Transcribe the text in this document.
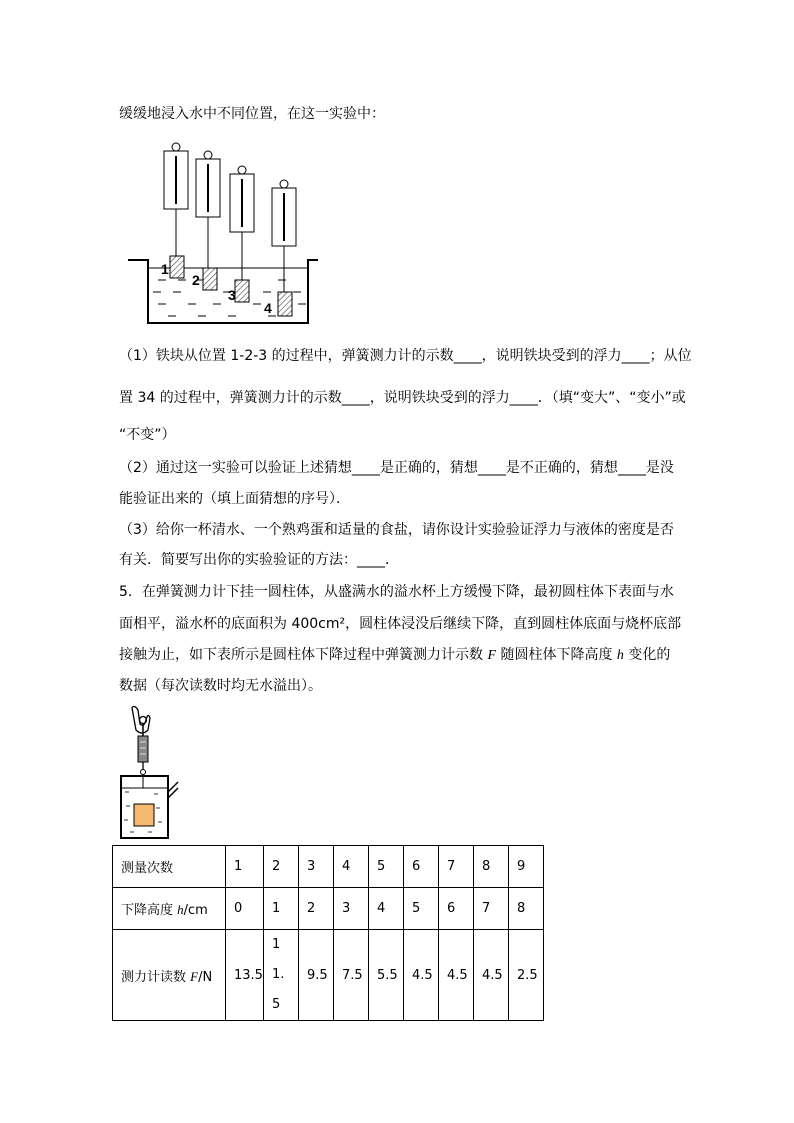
缓缓地浸入水中不同位置，在这一实验中：
1
2
3
4
（1）铁块从位置 1-2-3 的过程中，弹簧测力计的示数____，说明铁块受到的浮力____；从位
置 34 的过程中，弹簧测力计的示数____，说明铁块受到的浮力____．（填“变大”、“变小”或
“不变”）
（2）通过这一实验可以验证上述猜想____是正确的，猜想____是不正确的，猜想____是没
能验证出来的（填上面猜想的序号）．
（3）给你一杯清水、一个熟鸡蛋和适量的食盐，请你设计实验验证浮力与液体的密度是否
有关．简要写出你的实验验证的方法：____．
5．在弹簧测力计下挂一圆柱体，从盛满水的溢水杯上方缓慢下降，最初圆柱体下表面与水
面相平，溢水杯的底面积为 400cm²，圆柱体浸没后继续下降，直到圆柱体底面与烧杯底部
接触为止，如下表所示是圆柱体下降过程中弹簧测力计示数 F 随圆柱体下降高度 h 变化的
数据（每次读数时均无水溢出）。
测量次数	1	2	3	4	5	6	7	8	9
下降高度 h/cm	0	1	2	3	4	5	6	7	8
测力计读数 F/N	13.5	11.5	9.5	7.5	5.5	4.5	4.5	4.5	2.5
